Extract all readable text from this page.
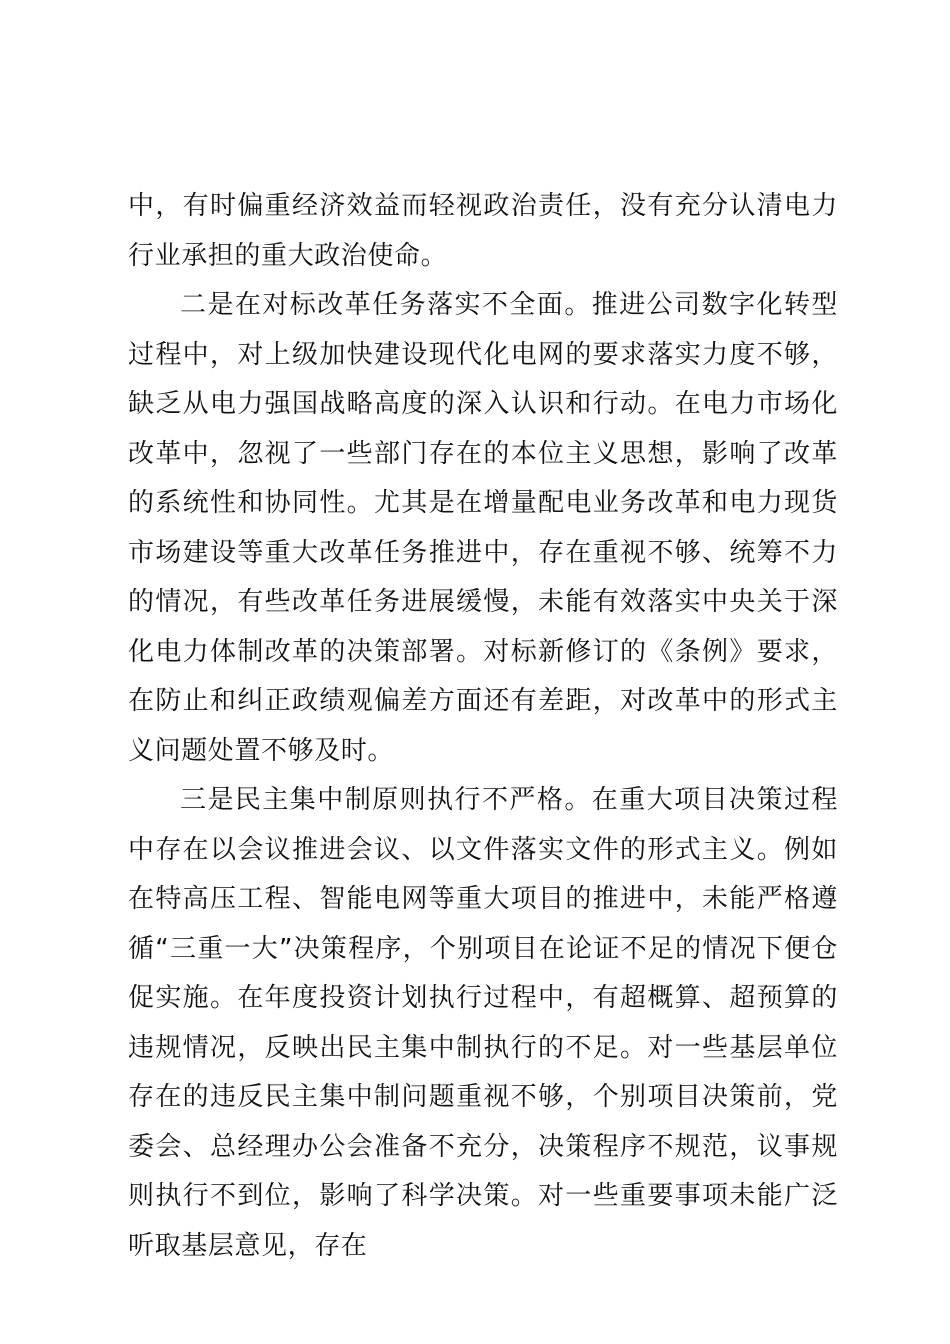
中，有时偏重经济效益而轻视政治责任，没有充分认清电力行业承担的重大政治使命。

二是在对标改革任务落实不全面。推进公司数字化转型过程中，对上级加快建设现代化电网的要求落实力度不够，缺乏从电力强国战略高度的深入认识和行动。在电力市场化改革中，忽视了一些部门存在的本位主义思想，影响了改革的系统性和协同性。尤其是在增量配电业务改革和电力现货市场建设等重大改革任务推进中，存在重视不够、统筹不力的情况，有些改革任务进展缓慢，未能有效落实中央关于深化电力体制改革的决策部署。对标新修订的《条例》要求，在防止和纠正政绩观偏差方面还有差距，对改革中的形式主义问题处置不够及时。

三是民主集中制原则执行不严格。在重大项目决策过程中存在以会议推进会议、以文件落实文件的形式主义。例如在特高压工程、智能电网等重大项目的推进中，未能严格遵循“三重一大”决策程序，个别项目在论证不足的情况下便仓促实施。在年度投资计划执行过程中，有超概算、超预算的违规情况，反映出民主集中制执行的不足。对一些基层单位存在的违反民主集中制问题重视不够，个别项目决策前，党委会、总经理办公会准备不充分，决策程序不规范，议事规则执行不到位，影响了科学决策。对一些重要事项未能广泛听取基层意见，存在
